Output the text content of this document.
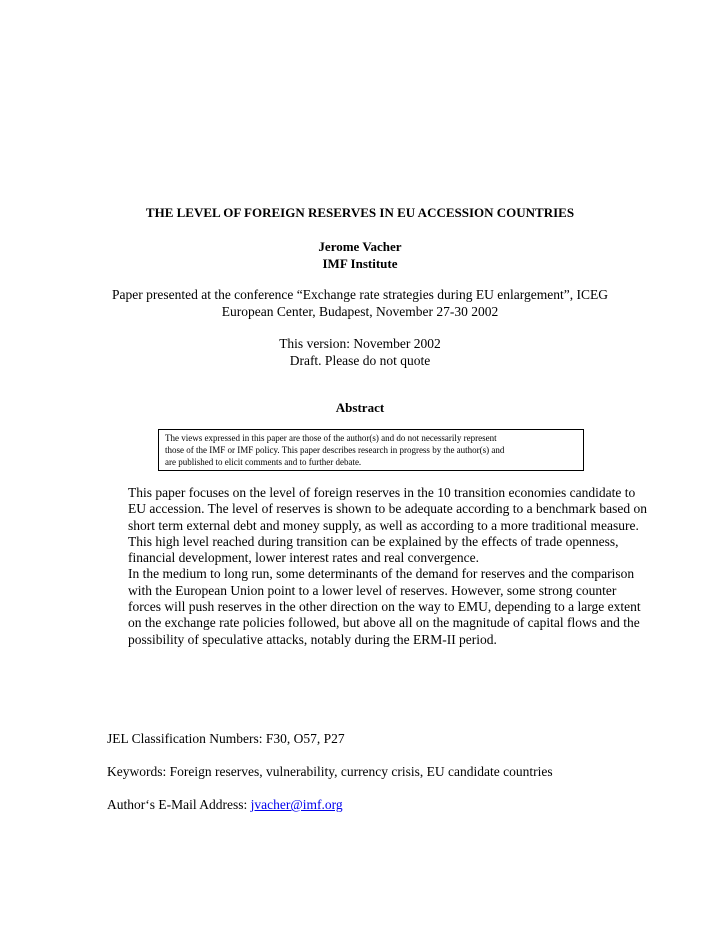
THE LEVEL OF FOREIGN RESERVES IN EU ACCESSION COUNTRIES
Jerome Vacher
IMF Institute
Paper presented at the conference “Exchange rate strategies during EU enlargement”, ICEG
European Center, Budapest, November 27-30 2002
This version: November 2002
Draft. Please do not quote
Abstract
The views expressed in this paper are those of the author(s) and do not necessarily represent
those of the IMF or IMF policy. This paper describes research in progress by the author(s) and
are published to elicit comments and to further debate.

This paper focuses on the level of foreign reserves in the 10 transition economies candidate to EU accession. The level of reserves is shown to be adequate according to a benchmark based on short term external debt and money supply, as well as according to a more traditional measure. This high level reached during transition can be explained by the effects of trade openness, financial development, lower interest rates and real convergence.

In the medium to long run, some determinants of the demand for reserves and the comparison with the European Union point to a lower level of reserves. However, some strong counter forces will push reserves in the other direction on the way to EMU, depending to a large extent on the exchange rate policies followed, but above all on the magnitude of capital flows and the possibility of speculative attacks, notably during the ERM-II period.

JEL Classification Numbers: F30, O57, P27
Keywords: Foreign reserves, vulnerability, currency crisis, EU candidate countries
Author‘s E-Mail Address: jvacher@imf.org
